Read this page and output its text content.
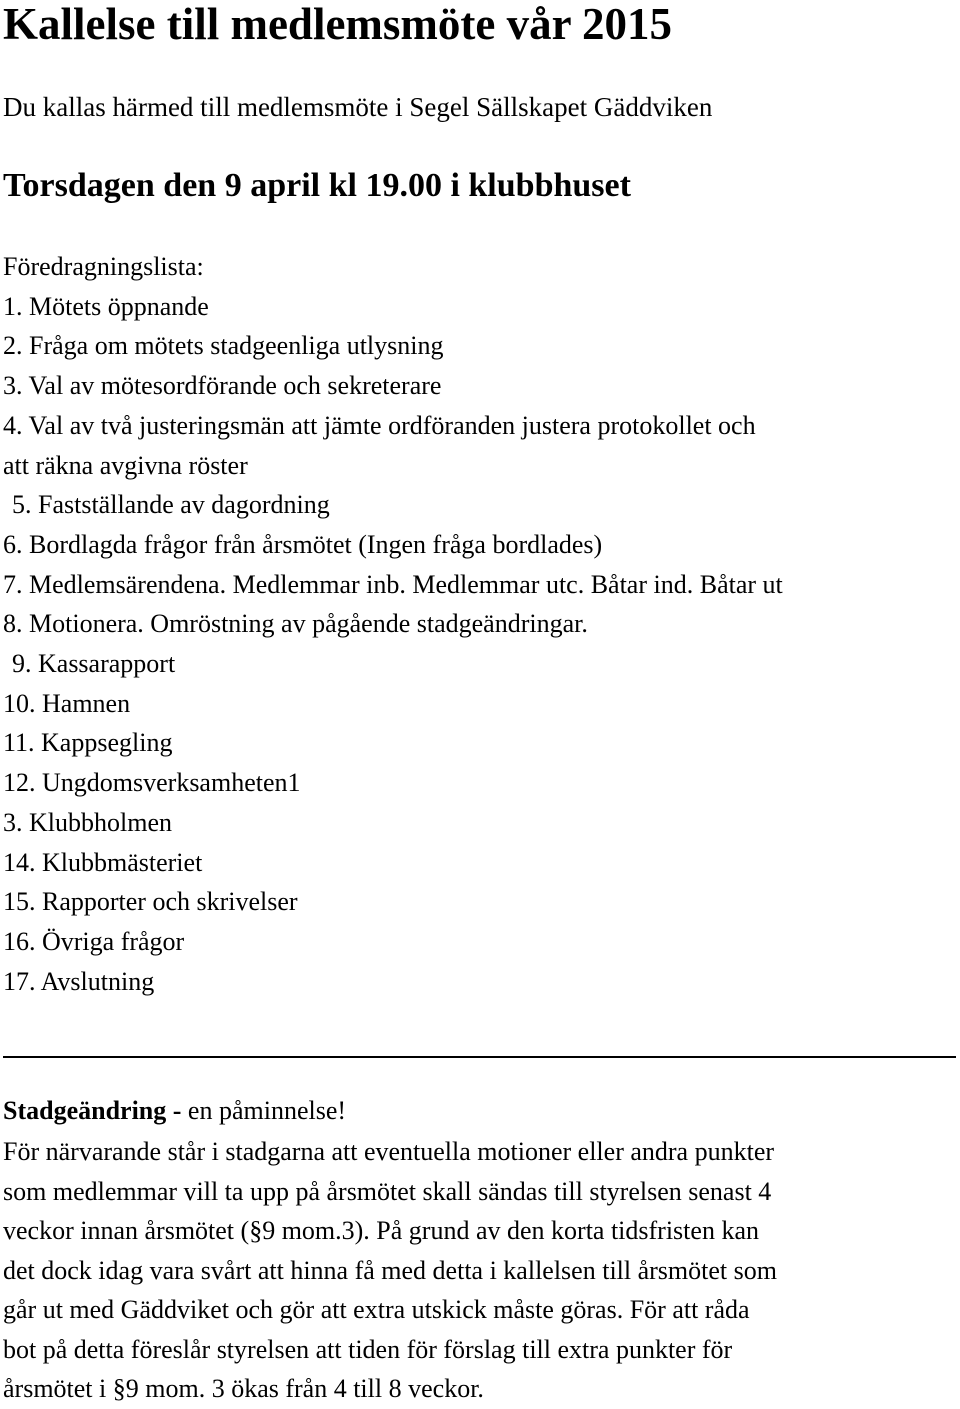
Kallelse till medlemsmöte vår 2015

Du kallas härmed till medlemsmöte i Segel Sällskapet Gäddviken

Torsdagen den 9 april kl 19.00 i klubbhuset

Föredragningslista:
1. Mötets öppnande
2. Fråga om mötets stadgeenliga utlysning
3. Val av mötesordförande och sekreterare
4. Val av två justeringsmän att jämte ordföranden justera protokollet och
att räkna avgivna röster
5. Fastställande av dagordning
6. Bordlagda frågor från årsmötet (Ingen fråga bordlades)
7. Medlemsärendena. Medlemmar inb. Medlemmar utc. Båtar ind. Båtar ut
8. Motionera. Omröstning av pågående stadgeändringar.
9. Kassarapport
10. Hamnen
11. Kappsegling
12. Ungdomsverksamheten1
3. Klubbholmen
14. Klubbmästeriet
15. Rapporter och skrivelser
16. Övriga frågor
17. Avslutning

Stadgeändring - en påminnelse!

För närvarande står i stadgarna att eventuella motioner eller andra punkter
som medlemmar vill ta upp på årsmötet skall sändas till styrelsen senast 4
veckor innan årsmötet (§9 mom.3). På grund av den korta tidsfristen kan
det dock idag vara svårt att hinna få med detta i kallelsen till årsmötet som
går ut med Gäddviket och gör att extra utskick måste göras. För att råda
bot på detta föreslår styrelsen att tiden för förslag till extra punkter för
årsmötet i §9 mom. 3 ökas från 4 till 8 veckor.
